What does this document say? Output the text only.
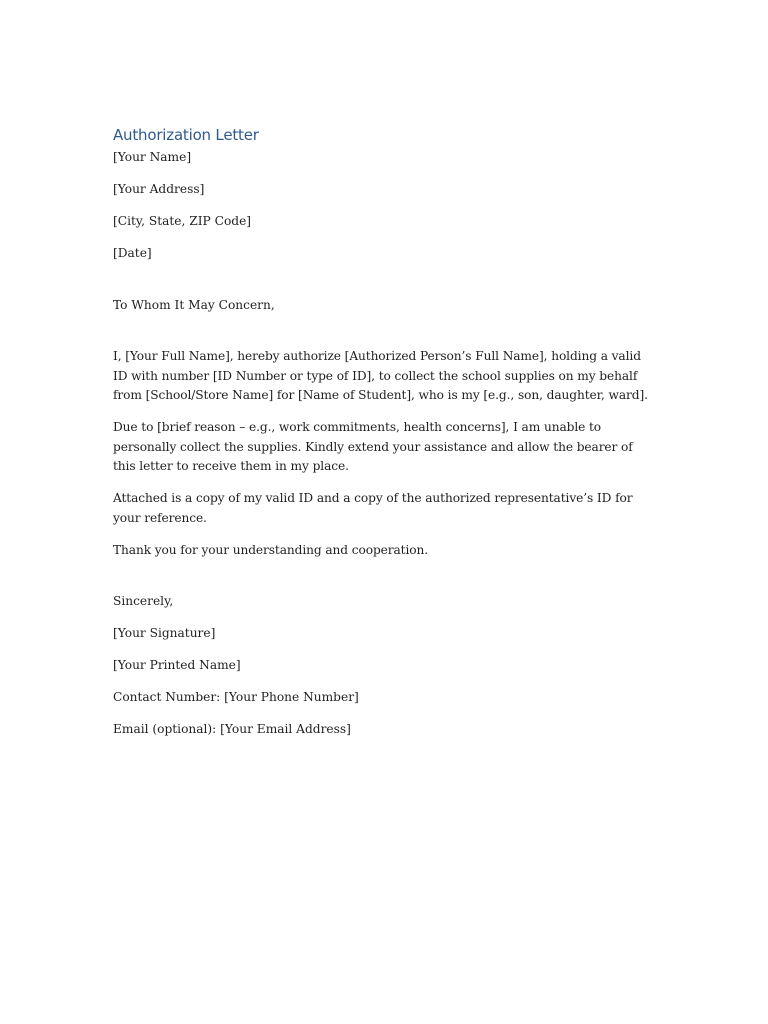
Authorization Letter

[Your Name]

[Your Address]

[City, State, ZIP Code]

[Date]

To Whom It May Concern,

I, [Your Full Name], hereby authorize [Authorized Person’s Full Name], holding a valid ID with number [ID Number or type of ID], to collect the school supplies on my behalf from [School/Store Name] for [Name of Student], who is my [e.g., son, daughter, ward].

Due to [brief reason – e.g., work commitments, health concerns], I am unable to personally collect the supplies. Kindly extend your assistance and allow the bearer of this letter to receive them in my place.

Attached is a copy of my valid ID and a copy of the authorized representative’s ID for your reference.

Thank you for your understanding and cooperation.

Sincerely,

[Your Signature]

[Your Printed Name]

Contact Number: [Your Phone Number]

Email (optional): [Your Email Address]
